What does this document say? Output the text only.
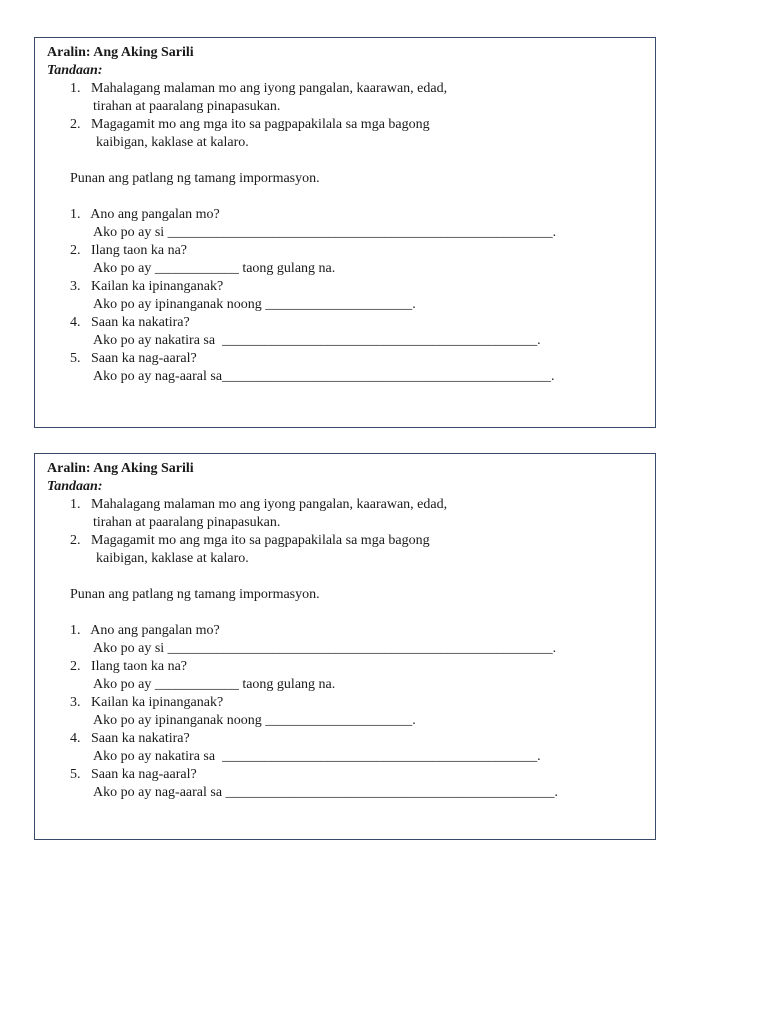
Aralin: Ang Aking Sarili
Tandaan:
1. Mahalagang malaman mo ang iyong pangalan, kaarawan, edad,
tirahan at paaralang pinapasukan.
2. Magagamit mo ang mga ito sa pagpapakilala sa mga bagong
kaibigan, kaklase at kalaro.
Punan ang patlang ng tamang impormasyon.
1. Ano ang pangalan mo?
Ako po ay si _______________________________________________________.
2. Ilang taon ka na?
Ako po ay ____________ taong gulang na.
3. Kailan ka ipinanganak?
Ako po ay ipinanganak noong _____________________.
4. Saan ka nakatira?
Ako po ay nakatira sa  _____________________________________________.
5. Saan ka nag-aaral?
Ako po ay nag-aaral sa_______________________________________________.
Aralin: Ang Aking Sarili
Tandaan:
1. Mahalagang malaman mo ang iyong pangalan, kaarawan, edad,
tirahan at paaralang pinapasukan.
2. Magagamit mo ang mga ito sa pagpapakilala sa mga bagong
kaibigan, kaklase at kalaro.
Punan ang patlang ng tamang impormasyon.
1. Ano ang pangalan mo?
Ako po ay si _______________________________________________________.
2. Ilang taon ka na?
Ako po ay ____________ taong gulang na.
3. Kailan ka ipinanganak?
Ako po ay ipinanganak noong _____________________.
4. Saan ka nakatira?
Ako po ay nakatira sa  _____________________________________________.
5. Saan ka nag-aaral?
Ako po ay nag-aaral sa _______________________________________________.
